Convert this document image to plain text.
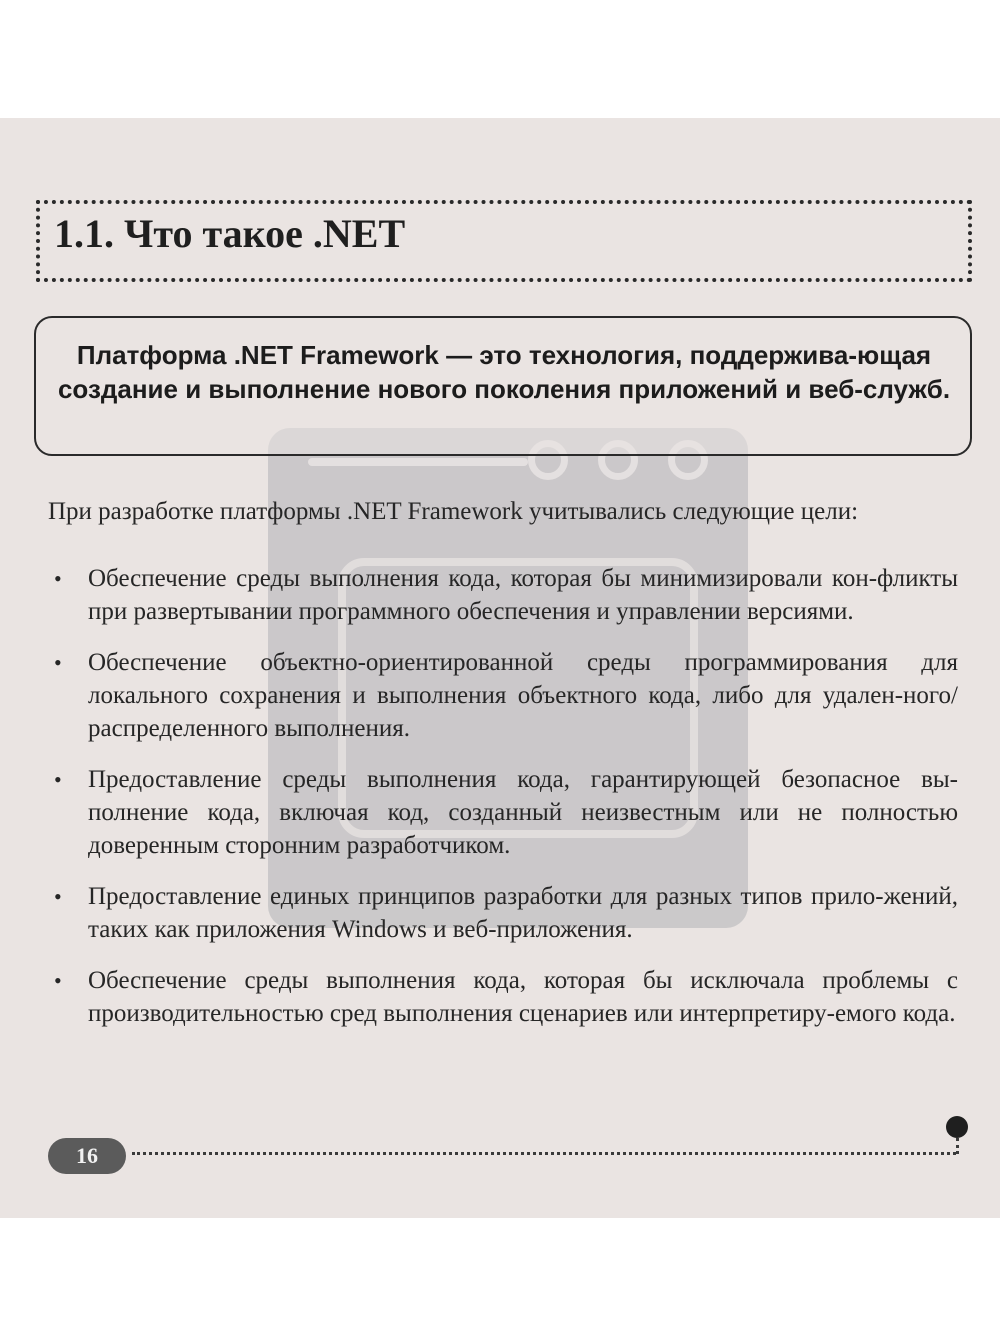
1.1. Что такое .NET

Платформа .NET Framework — это технология, поддержива-ющая создание и выполнение нового поколения приложений и веб-служб.

При разработке платформы .NET Framework учитывались следующие цели:

• Обеспечение среды выполнения кода, которая бы минимизировали кон-фликты при развертывании программного обеспечения и управлении версиями.
• Обеспечение объектно-ориентированной среды программирования для локального сохранения и выполнения объектного кода, либо для удален-ного/распределенного выполнения.
• Предоставление среды выполнения кода, гарантирующей безопасное вы-полнение кода, включая код, созданный неизвестным или не полностью доверенным сторонним разработчиком.
• Предоставление единых принципов разработки для разных типов прило-жений, таких как приложения Windows и веб-приложения.
• Обеспечение среды выполнения кода, которая бы исключала проблемы с производительностью сред выполнения сценариев или интерпретиру-емого кода.
16
